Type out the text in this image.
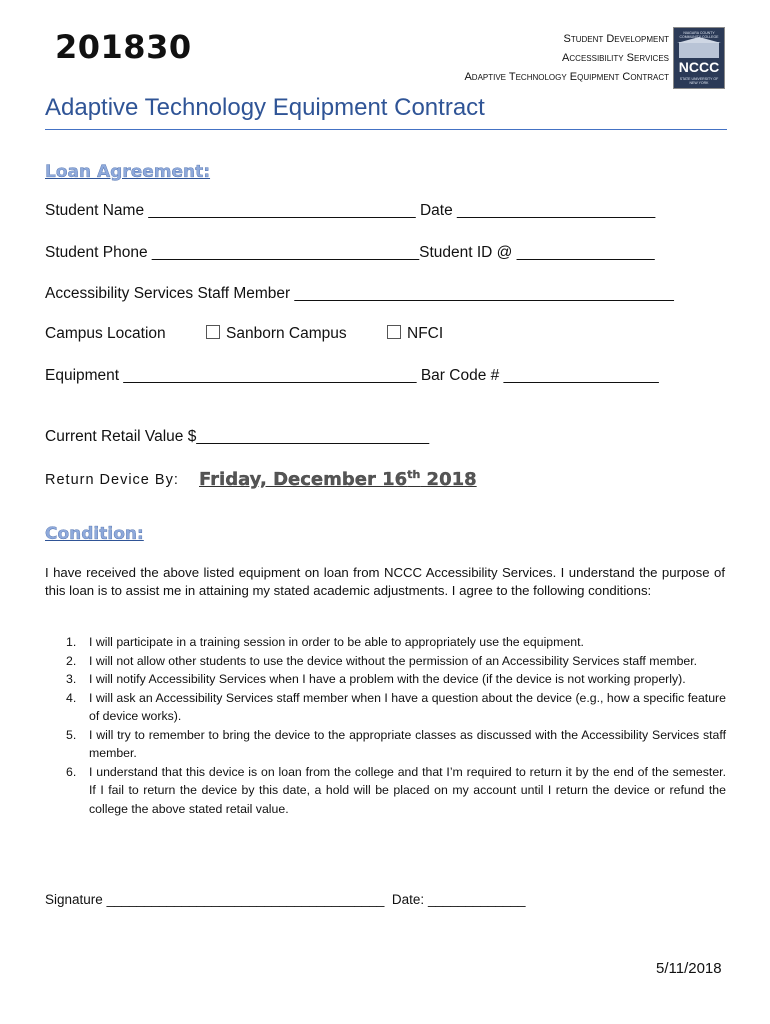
201830	Student Development
Accessibility Services
Adaptive Technology Equipment Contract
NIAGARA COUNTY
NCCC
STATE UNIVERSITY OF NEW YORK
Adaptive Technology Equipment Contract
Loan Agreement:
Student Name _______________________________ Date _______________________
Student Phone _______________________________Student ID @ ________________
Accessibility Services Staff Member ____________________________________________
Campus Location	Sanborn Campus	NFCI
Equipment __________________________________ Bar Code # __________________
Current Retail Value $___________________________
Return Device By: Friday, December 16th 2018
Condition:
I have received the above listed equipment on loan from NCCC Accessibility Services. I understand the purpose of this loan is to assist me in attaining my stated academic adjustments. I agree to the following conditions:
1. I will participate in a training session in order to be able to appropriately use the equipment.
2. I will not allow other students to use the device without the permission of an Accessibility Services staff member.
3. I will notify Accessibility Services when I have a problem with the device (if the device is not working properly).
4. I will ask an Accessibility Services staff member when I have a question about the device (e.g., how a specific feature of device works).
5. I will try to remember to bring the device to the appropriate classes as discussed with the Accessibility Services staff member.
6. I understand that this device is on loan from the college and that I’m required to return it by the end of the semester. If I fail to return the device by this date, a hold will be placed on my account until I return the device or refund the college the above stated retail value.
Signature _____________________________________ Date: _____________
5/11/2018
